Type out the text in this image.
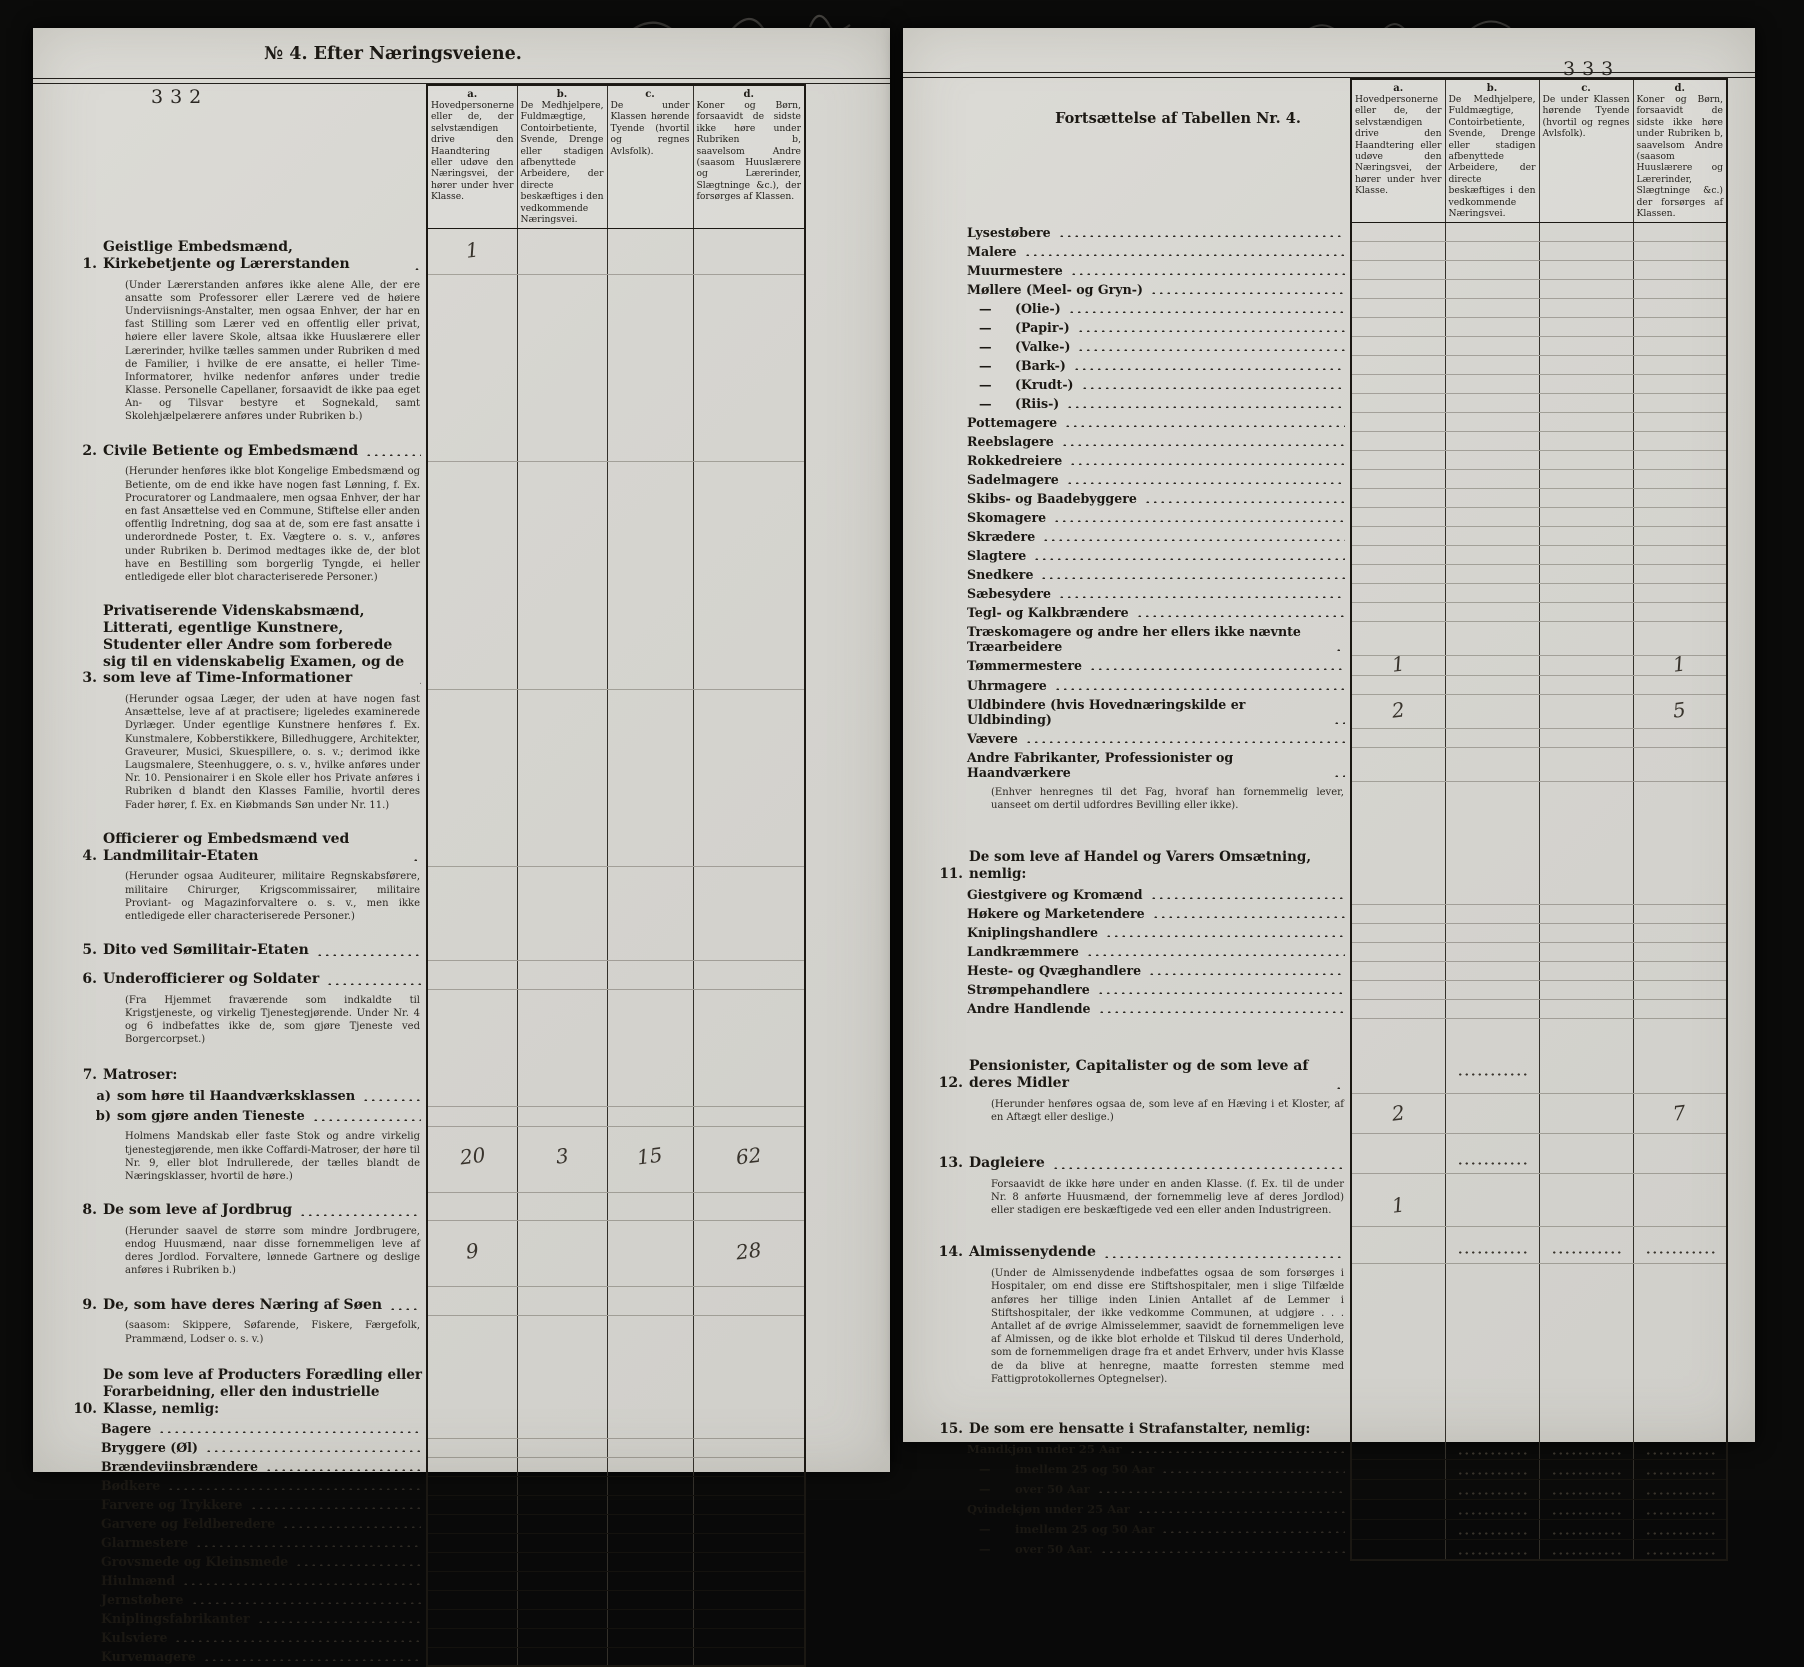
№ 4. Efter Næringsveiene.
332
		a.
Hovedpersonerne eller de, der selvstændigen drive den Haandtering eller udøve den Næringsvei, der hører under hver Klasse.

b.
De Medhjelpere, Fuldmægtige, Contoirbetiente, Svende, Drenge eller stadigen afbenyttede Arbeidere, der directe beskæftiges i den vedkommende Næringsvei.

c.
De under Klassen hørende Tyende (hvortil og regnes Avlsfolk).

d.
Koner og Børn, forsaavidt de sidste ikke høre under Rubriken b, saavelsom Andre (saasom Huuslærere og Lærerinder, Slægtninge &c.), der forsørges af Klassen.

1.
Geistlige Embedsmænd, Kirkebetjente og Lærerstanden	1			

(Under Lærerstanden anføres ikke alene Alle, der ere ansatte som Professorer eller Lærere ved de høiere Underviisnings-Anstalter, men ogsaa Enhver, der har en fast Stilling som Lærer ved en offentlig eller privat, høiere eller lavere Skole, altsaa ikke Huuslærere eller Lærerinder, hvilke tælles sammen under Rubriken d med de Familier, i hvilke de ere ansatte, ei heller Time-Informatorer, hvilke nedenfor anføres under tredie Klasse. Personelle Capellaner, forsaavidt de ikke paa eget An- og Tilsvar bestyre et Sognekald, samt Skolehjælpelærere anføres under Rubriken b.)				

2. Civile Betiente og Embedsmænd				

(Herunder henføres ikke blot Kongelige Embedsmænd og Betiente, om de end ikke have nogen fast Lønning, f. Ex. Procuratorer og Landmaalere, men ogsaa Enhver, der har en fast Ansættelse ved en Commune, Stiftelse eller anden offentlig Indretning, dog saa at de, som ere fast ansatte i underordnede Poster, t. Ex. Vægtere o. s. v., anføres under Rubriken b. Derimod medtages ikke de, der blot have en Bestilling som borgerlig Tyngde, ei heller entledigede eller blot characteriserede Personer.)				

3.
Privatiserende Videnskabsmænd, Litterati, egentlige Kunstnere, Studenter eller Andre som forberede sig til en videnskabelig Examen, og de som leve af Time-Informationer				

(Herunder ogsaa Læger, der uden at have nogen fast Ansættelse, leve af at practisere; ligeledes examinerede Dyrlæger. Under egentlige Kunstnere henføres f. Ex. Kunstmalere, Kobberstikkere, Billedhuggere, Architekter, Graveurer, Musici, Skuespillere, o. s. v.; derimod ikke Laugsmalere, Steenhuggere, o. s. v., hvilke anføres under Nr. 10. Pensionairer i en Skole eller hos Private anføres i Rubriken d blandt den Klasses Familie, hvortil deres Fader hører, f. Ex. en Kiøbmands Søn under Nr. 11.)				

4.
Officierer og Embedsmænd ved Landmilitair-Etaten				

(Herunder ogsaa Auditeurer, militaire Regnskabsførere, militaire Chirurger, Krigscommissairer, militaire Proviant- og Magazinforvaltere o. s. v., men ikke entledigede eller characteriserede Personer.)				

5. Dito ved Sømilitair-Etaten				

6. Underofficierer og Soldater				

(Fra Hjemmet fraværende som indkaldte til Krigstjeneste, og virkelig Tjenestegjørende. Under Nr. 4 og 6 indbefattes ikke de, som gjøre Tjeneste ved Borgercorpset.)				

7. Matroser:				

a) som høre til Haandværksklassen				

b) som gjøre anden Tieneste				

Holmens Mandskab eller faste Stok og andre virkelig tjenestegjørende, men ikke Coffardi-Matroser, der høre til Nr. 9, eller blot Indrullerede, der tælles blandt de Næringsklasser, hvortil de høre.)	20	3	15	62

8. De som leve af Jordbrug				

(Herunder saavel de større som mindre Jordbrugere, endog Huusmænd, naar disse fornemmeligen leve af deres Jordlod. Forvaltere, lønnede Gartnere og deslige anføres i Rubriken b.)	9			28

9. De, som have deres Næring af Søen				

(saasom: Skippere, Søfarende, Fiskere, Færgefolk, Prammænd, Lodser o. s. v.)				

10.
De som leve af Producters Forædling eller Forarbeidning, eller den industrielle Klasse, nemlig:				

Bagere				

Bryggere (Øl)				

Brændeviinsbrændere				

Bødkere				

Farvere og Trykkere				

Garvere og Feldberedere				

Glarmestere				

Grovsmede og Kleinsmede				

Hiulmænd				

Jernstøbere				

Kniplingsfabrikanter				

Kulsviere				

Kurvemagere				

Fortsættelse af Tabellen Nr. 4.
333

a.
Hovedpersonerne eller de, der selvstændigen drive den Haandtering eller udøve den Næringsvei, der hører under hver Klasse.

b.
De Medhjelpere, Fuldmægtige, Contoirbetiente, Svende, Drenge eller stadigen afbenyttede Arbeidere, der directe beskæftiges i den vedkommende Næringsvei.

c.
De under Klassen hørende Tyende (hvortil og regnes Avlsfolk).

d.
Koner og Børn, forsaavidt de sidste ikke høre under Rubriken b, saavelsom Andre (saasom Huuslærere og Lærerinder, Slægtninge &c.) der forsørges af Klassen.

Lysestøbere				

Malere				

Muurmestere				

Møllere (Meel- og Gryn-)				

— (Olie-)				

— (Papir-)				

— (Valke-)				

— (Bark-)				

— (Krudt-)				

— (Riis-)				

Pottemagere				

Reebslagere				

Rokkedreiere				

Sadelmagere				

Skibs- og Baadebyggere				

Skomagere				

Skrædere				

Slagtere				

Snedkere				

Sæbesydere				

Tegl- og Kalkbrændere				

Træskomagere og andre her ellers ikke nævnte Træarbeidere				

Tømmermestere	1			1

Uhrmagere				

Uldbindere (hvis Hovednæringskilde er Uldbinding)	2			5

Vævere				

Andre Fabrikanter, Professionister og Haandværkere				

(Enhver henregnes til det Fag, hvoraf han fornemmelig lever, uanseet om dertil udfordres Bevilling eller ikke).				

11.
De som leve af Handel og Varers Omsætning, nemlig:				

Giestgivere og Kromænd				

Høkere og Marketendere				

Kniplingshandlere				

Landkræmmere				

Heste- og Qvæghandlere				

Strømpehandlere				

Andre Handlende				

12.
Pensionister, Capitalister og de som leve af deres Midler				

(Herunder henføres ogsaa de, som leve af en Hæving i et Kloster, af en Aftægt eller deslige.)	2			7

13. Dagleiere				

Forsaavidt de ikke høre under en anden Klasse. (f. Ex. til de under Nr. 8 anførte Huusmænd, der fornemmelig leve af deres Jordlod) eller stadigen ere beskæftigede ved een eller anden Industrigreen.	1			

14. Almissenydende				

(Under de Almissenydende indbefattes ogsaa de som forsørges i Hospitaler, om end disse ere Stiftshospitaler, men i slige Tilfælde anføres her tillige inden Linien Antallet af de Lemmer i Stiftshospitaler, der ikke vedkomme Communen, at udgjøre . . . Antallet af de øvrige Almisselemmer, saavidt de fornemmeligen leve af Almissen, og de ikke blot erholde et Tilskud til deres Underhold, som de fornemmeligen drage fra et andet Erhverv, under hvis Klasse de da blive at henregne, maatte forresten stemme med Fattigprotokollernes Optegnelser).				

15. De som ere hensatte i Strafanstalter, nemlig:				

Mandkjøn under 25 Aar				

— imellem 25 og 50 Aar				

— over 50 Aar				

Qvindekjøn under 25 Aar				

— imellem 25 og 50 Aar				

— over 50 Aar.				
